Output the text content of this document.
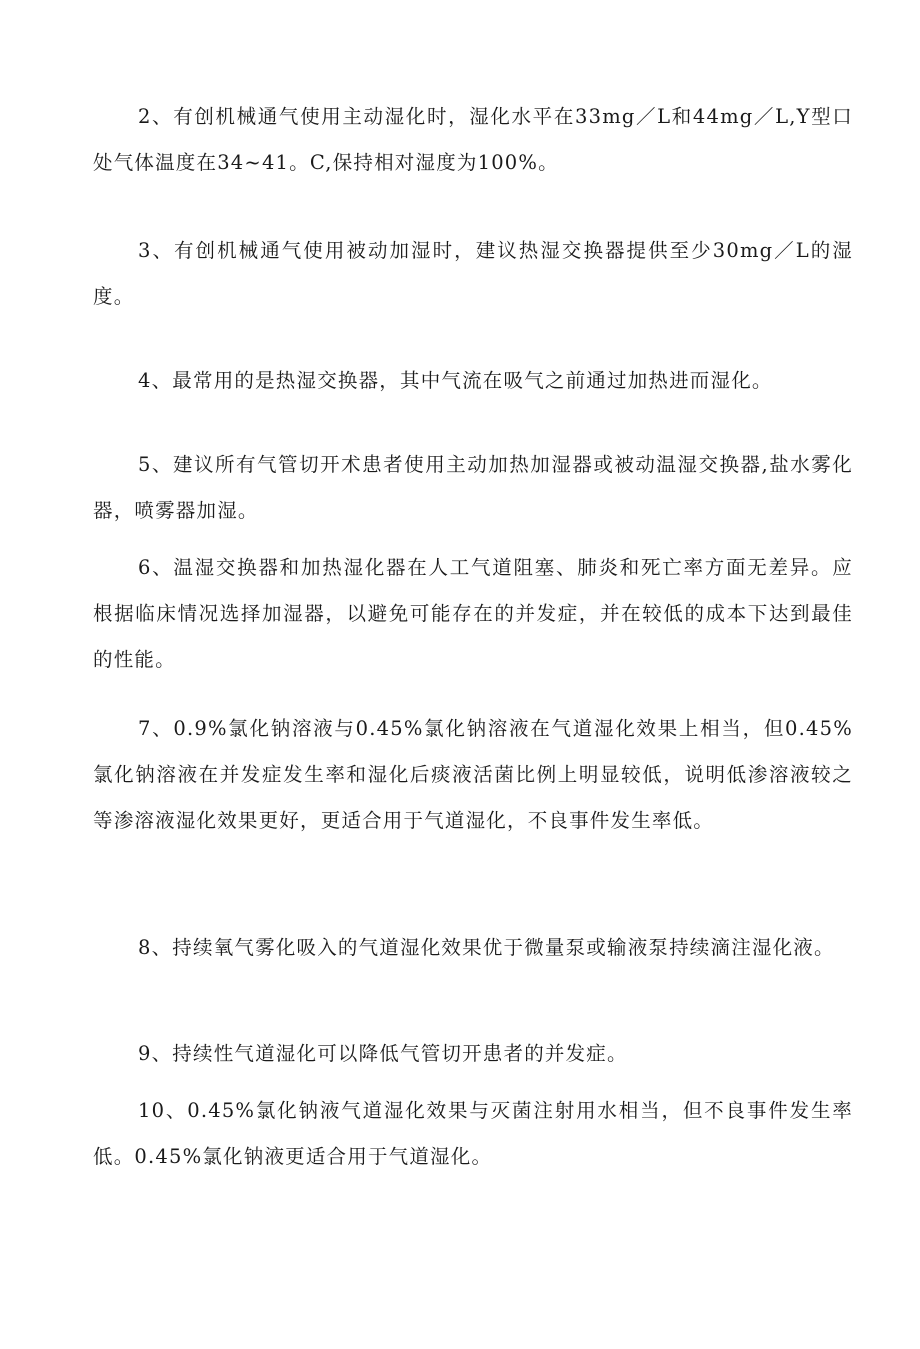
2、有创机械通气使用主动湿化时，湿化水平在33mg／L和44mg／L,Y型口处气体温度在34~41。C,保持相对湿度为100%。

3、有创机械通气使用被动加湿时，建议热湿交换器提供至少30mg／L的湿度。

4、最常用的是热湿交换器，其中气流在吸气之前通过加热进而湿化。

5、建议所有气管切开术患者使用主动加热加湿器或被动温湿交换器,盐水雾化器，喷雾器加湿。

6、温湿交换器和加热湿化器在人工气道阻塞、肺炎和死亡率方面无差异。应根据临床情况选择加湿器，以避免可能存在的并发症，并在较低的成本下达到最佳的性能。

7、0.9%氯化钠溶液与0.45%氯化钠溶液在气道湿化效果上相当，但0.45%氯化钠溶液在并发症发生率和湿化后痰液活菌比例上明显较低，说明低渗溶液较之等渗溶液湿化效果更好，更适合用于气道湿化，不良事件发生率低。

8、持续氧气雾化吸入的气道湿化效果优于微量泵或输液泵持续滴注湿化液。

9、持续性气道湿化可以降低气管切开患者的并发症。

10、0.45%氯化钠液气道湿化效果与灭菌注射用水相当，但不良事件发生率低。0.45%氯化钠液更适合用于气道湿化。
